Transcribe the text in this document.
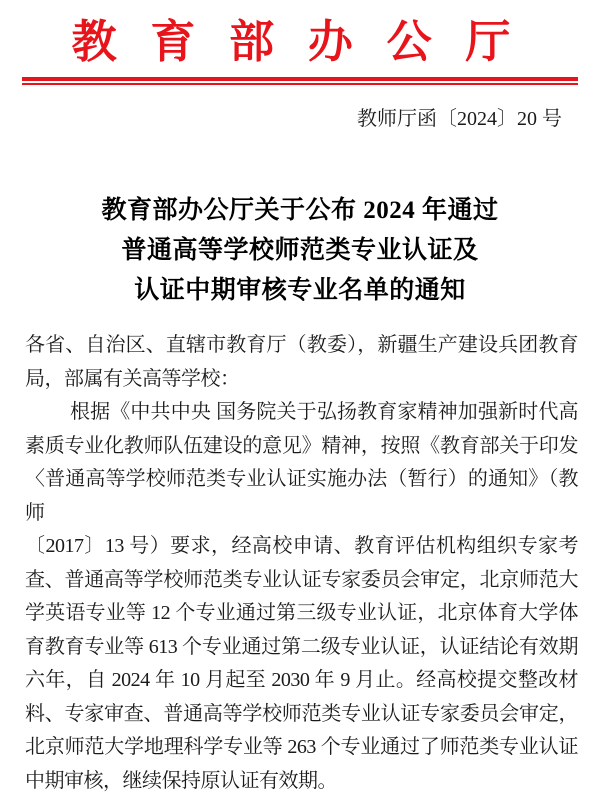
教育部办公厅
教师厅函〔2024〕20 号
教育部办公厅关于公布 2024 年通过
普通高等学校师范类专业认证及
认证中期审核专业名单的通知
各省、自治区、直辖市教育厅（教委），新疆生产建设兵团教育
局，部属有关高等学校：
根据《中共中央 国务院关于弘扬教育家精神加强新时代高
素质专业化教师队伍建设的意见》精神，按照《教育部关于印发
〈普通高等学校师范类专业认证实施办法（暂行）的通知》（教师
〔2017〕13 号）要求，经高校申请、教育评估机构组织专家考
查、普通高等学校师范类专业认证专家委员会审定，北京师范大
学英语专业等 12 个专业通过第三级专业认证，北京体育大学体
育教育专业等 613 个专业通过第二级专业认证，认证结论有效期
六年，自 2024 年 10 月起至 2030 年 9 月止。经高校提交整改材
料、专家审查、普通高等学校师范类专业认证专家委员会审定，
北京师范大学地理科学专业等 263 个专业通过了师范类专业认证
中期审核，继续保持原认证有效期。
